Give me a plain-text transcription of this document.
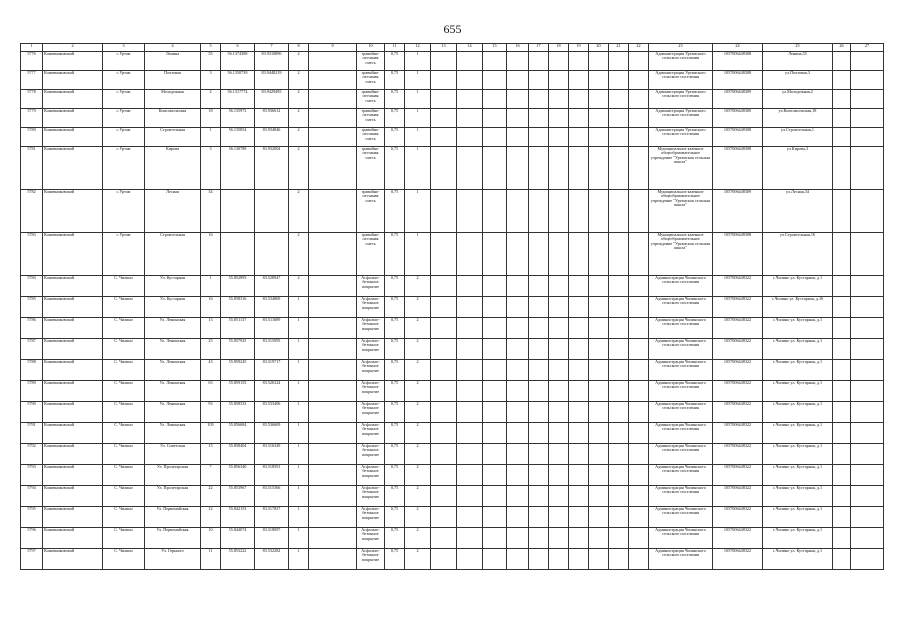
655
1	2	3	4	5	6	7	8	9	10	11	12	13	14	15	16	17	18	19	20	21	22	23	24	25	26	27
5776	Кожевниковский	с.Уртам	Ленина	55	56.1374388	83.9310896	2		гравийно-песчаная смесь	0,75	1											Администрация Уртамского сельского поселения	1057006448308	Ленина,35		
5777	Кожевниковский	с.Уртам	Почтовая	3	56.1350739	83.9448219	2		гравийно-песчаная смесь	0,75	1											Администрация Уртамского сельского поселения	1057006448308	ул.Почтовая,3		
5778	Кожевниковский	с.Уртам	Молодежная	2	56.1317774	83.9429495	2		гравийно-песчаная смесь	0,75	1											Администрация Уртамского сельского поселения	1057006448309	ул.Молодежная,2		
5779	Кожевниковский	с.Уртам	Комсомольская	18	56.135973	83.936612	2		гравийно-песчаная смесь	0,75	1											Администрация Уртамского сельского поселения	1057006448300	ул.Комсомольская,18		
5780	Кожевниковский	с.Уртам	Строительная	1	56.135854	83.934846	2		гравийно-песчаная смесь	0,75	1											Администрация Уртамского сельского поселения	1057006448308	ул.Строительная,1		
5781	Кожевниковский	с.Уртам	Кирова	3	56.130789	83.932004	2		гравийно-песчаная смесь	0,75	1											Муниципальное казенное общеобразовательное учреждение "Уртамская сельская школа"	1057006448308	ул.Кирова,3		
5782	Кожевниковский	с.Уртам	Лесная	34			2		гравийно-песчаная смесь	0,75	1											Муниципальное казенное общеобразовательное учреждение "Уртамская сельская школа"	1057006448309	ул.Лесная,34		
5783	Кожевниковский	с.Уртам	Строительная	16			2		гравийно-песчаная смесь	0,75	1											Муниципальное казенное общеобразовательное учреждение "Уртамская сельская школа"	1057006448308	ул.Строительная,16		
5784	Кожевниковский	С. Чилино	Ул. Кустарная	1	55.852893	83.528947	2		Асфальто-бетонное покрытие	0,75	2											Администрация Чилинского сельского поселения	1057006448322	с.Чилино ул. Кустарная, д.1		
5785	Кожевниковский	С. Чилино	Ул. Кустарная	16	55.858316	83.534869	1		Асфальто-бетонное покрытие	0,75	2											Администрация Чилинского сельского поселения	1057006448322	с.Чилино ул. Кустарная, д.16		
5786	Кожевниковский	С. Чилино	Ул. Ленинская	13	55.851137	83.511689	1		Асфальто-бетонное покрытие	0,75	2											Администрация Чилинского сельского поселения	1057006448322	с.Чилино ул. Кустарная, д.1		
5787	Кожевниковский	С. Чилино	Ул. Ленинская	25	55.857925	83.515095	1		Асфальто-бетонное покрытие	0,75	2											Администрация Чилинского сельского поселения	1057006448322	с.Чилино ул. Кустарная, д.1		
5788	Кожевниковский	С. Чилино	Ул. Ленинская	43	55.859245	83.519717	1		Асфальто-бетонное покрытие	0,75	2											Администрация Чилинского сельского поселения	1057006448322	с.Чилино ул. Кустарная, д.1		
5789	Кожевниковский	С. Чилино	Ул. Ленинская	63	55.859155	83.526324	1		Асфальто-бетонное покрытие	0,75	2											Администрация Чилинского сельского поселения	1057006448322	с.Чилино ул. Кустарная, д.1		
5790	Кожевниковский	С. Чилино	Ул. Ленинская	93	55.858333	83.533406	1		Асфальто-бетонное покрытие	0,75	2											Администрация Чилинского сельского поселения	1057006448322	с.Чилино ул. Кустарная, д.1		
5791	Кожевниковский	С. Чилино	Ул. Ленинская	103	55.856684	83.536609	1		Асфальто-бетонное покрытие	0,75	2											Администрация Чилинского сельского поселения	1057006448322	с.Чилино ул. Кустарная, д.1		
5792	Кожевниковский	С. Чилино	Ул. Советская	15	55.858404	83.516349	1		Асфальто-бетонное покрытие	0,75	2											Администрация Чилинского сельского поселения	1057006448322	с.Чилино ул. Кустарная, д.1		
5793	Кожевниковский	С. Чилино	Ул. Пролетарская	7	55.856340	83.518591	1		Асфальто-бетонное покрытие	0,75	2											Администрация Чилинского сельского поселения	1057006448322	с.Чилино ул. Кустарная, д.1		
5794	Кожевниковский	С. Чилино	Ул. Пролетарская	22	55.853967	83.515366	1		Асфальто-бетонное покрытие	0,75	2											Администрация Чилинского сельского поселения	1057006448322	с.Чилино ул. Кустарная, д.1		
5795	Кожевниковский	С. Чилино	Ул. Первомайская	12	55.842153	83.517837	1		Асфальто-бетонное покрытие	0,75	2											Администрация Чилинского сельского поселения	1057006448322	с.Чилино ул. Кустарная, д.1		
5796	Кожевниковский	С. Чилино	Ул. Первомайская	10	55.844074	83.518097	1		Асфальто-бетонное покрытие	0,75	2											Администрация Чилинского сельского поселения	1057006448322	с.Чилино ул. Кустарная, д.1		
5797	Кожевниковский	С. Чилино	Ул. Горького	11	55.853222	83.532282	1		Асфальто-бетонное покрытие	0,75	2											Администрация Чилинского сельского поселения	1057006448322	с.Чилино ул. Кустарная, д.1		
